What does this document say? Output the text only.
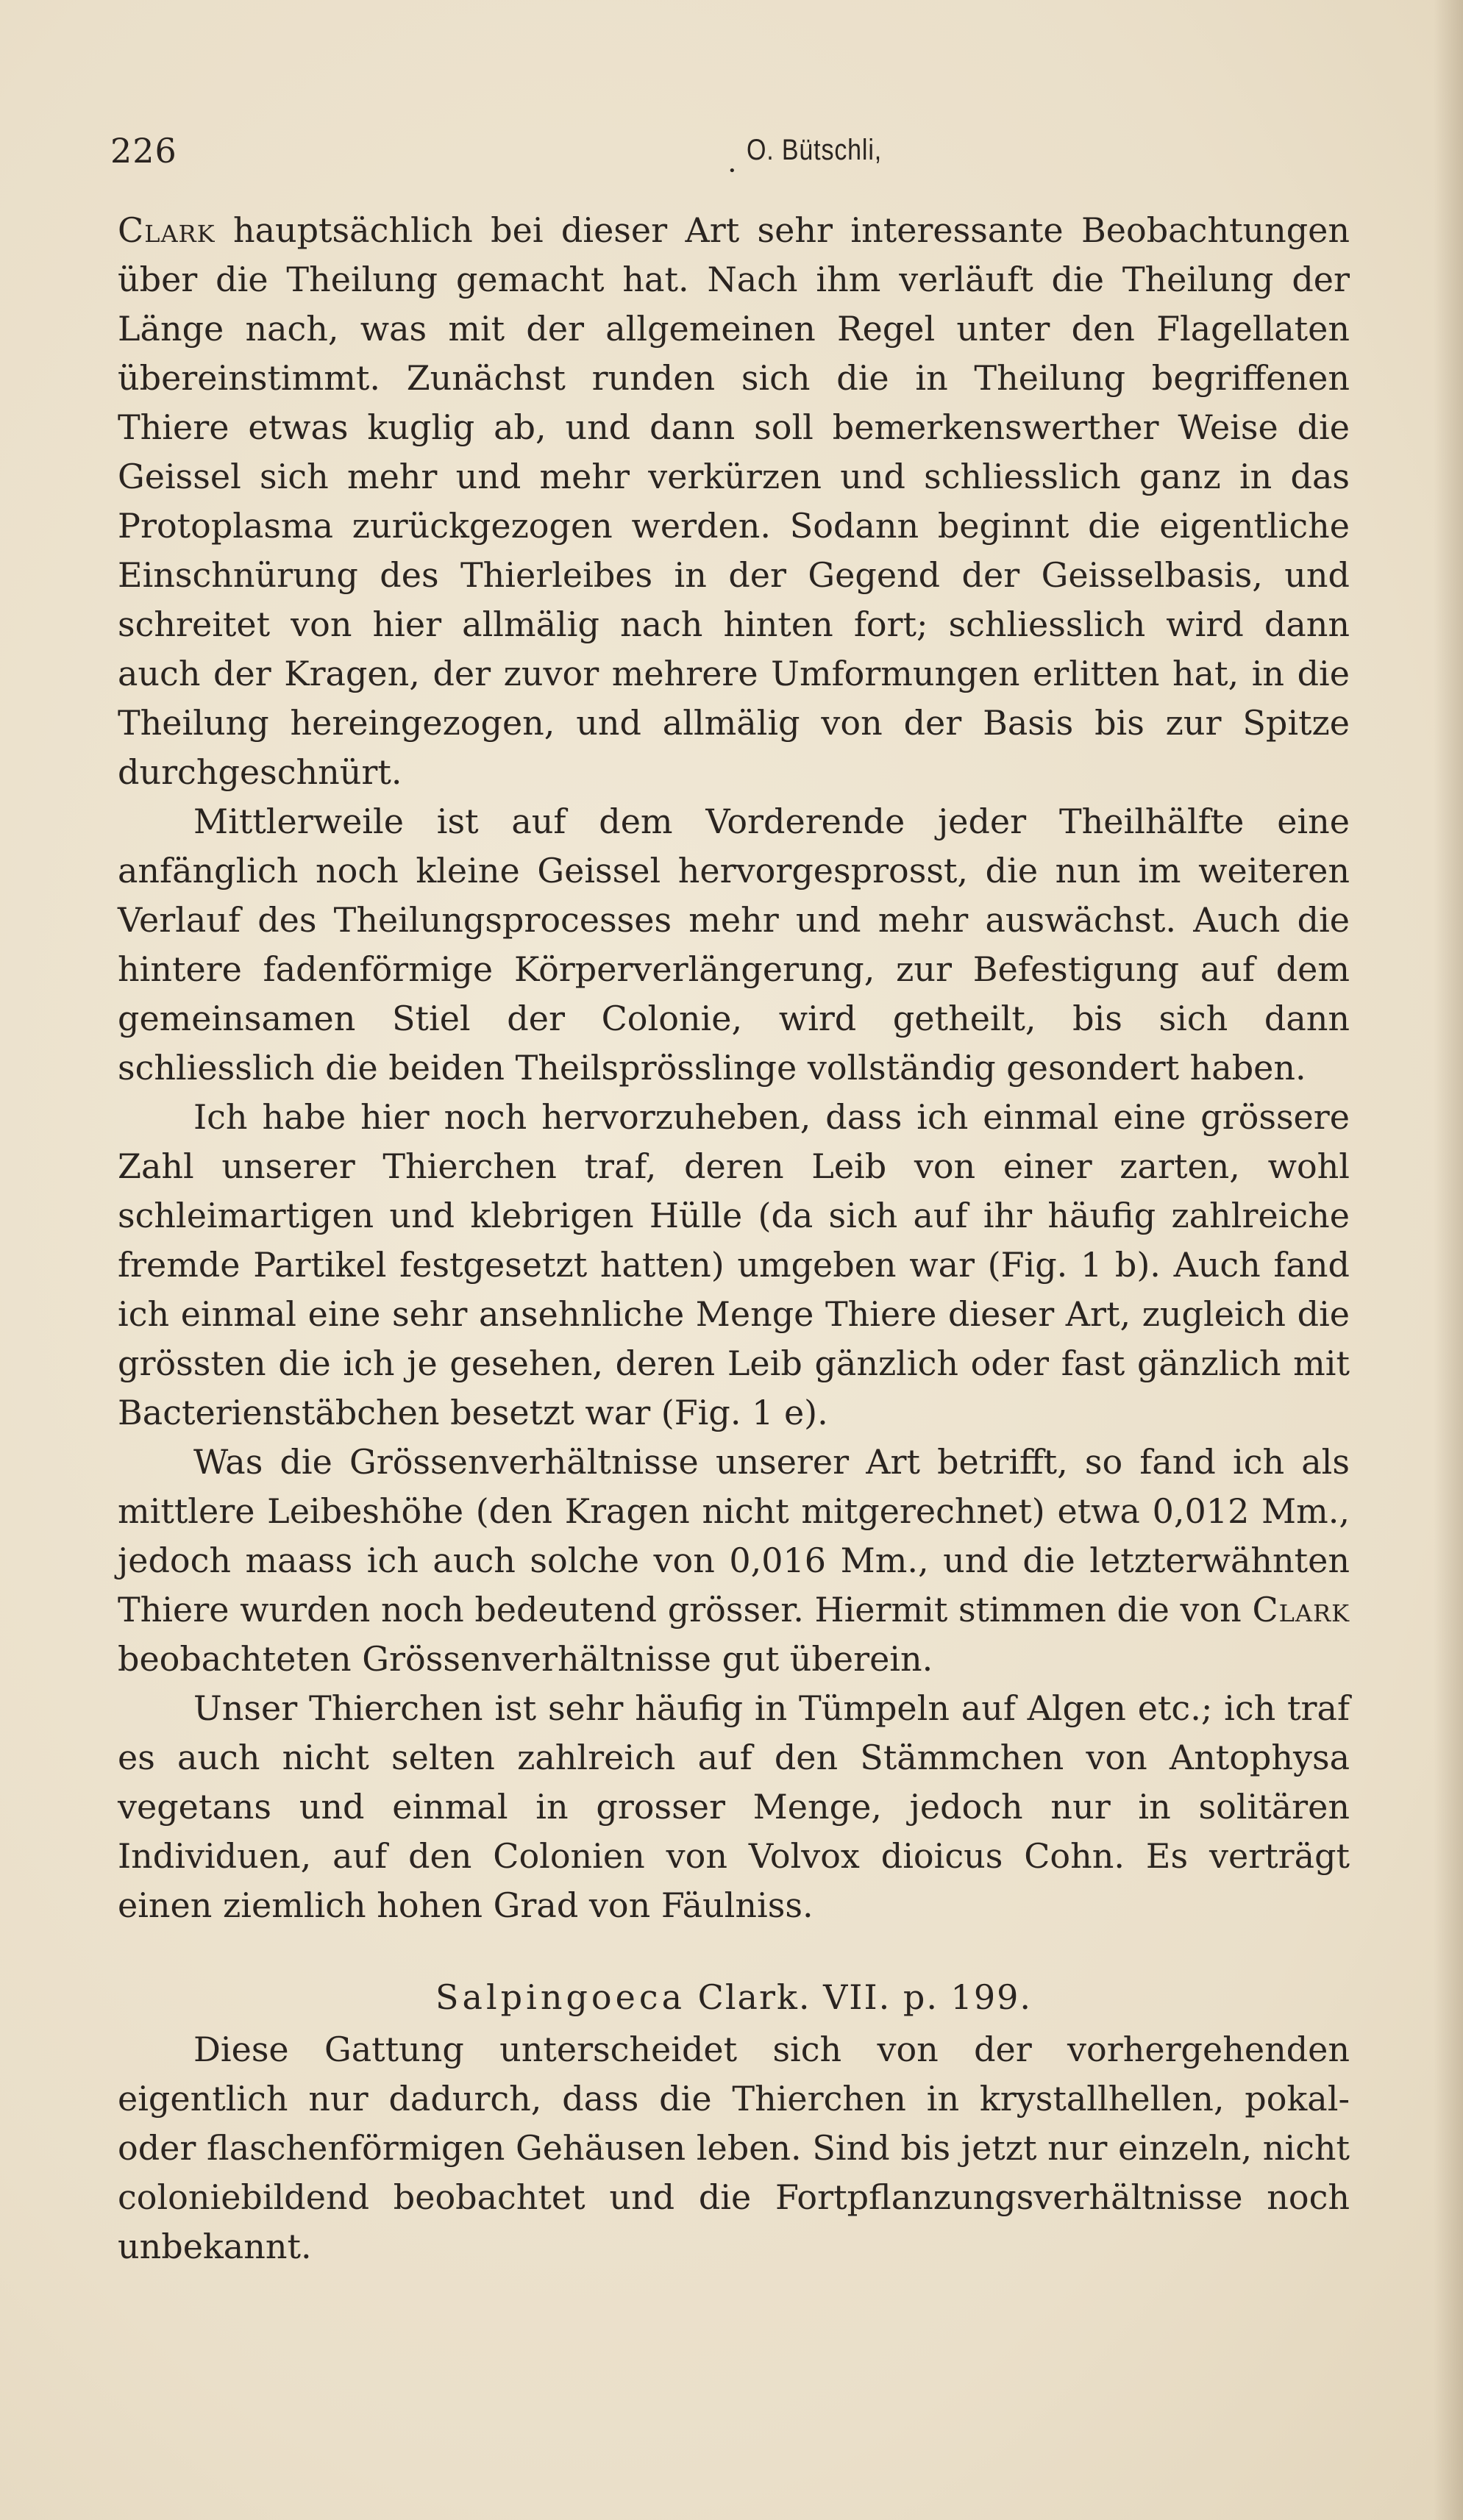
226
•
O. Bütschli,

Clark hauptsächlich bei dieser Art sehr interessante Beobachtungen über die Theilung gemacht hat. Nach ihm verläuft die Theilung der Länge nach, was mit der allgemeinen Regel unter den Flagellaten übereinstimmt. Zunächst runden sich die in Theilung begriffenen Thiere etwas kuglig ab, und dann soll bemerkenswerther Weise die Geissel sich mehr und mehr verkürzen und schliesslich ganz in das Protoplasma zurückgezogen werden. Sodann beginnt die eigentliche Einschnürung des Thierleibes in der Gegend der Geisselbasis, und schreitet von hier allmälig nach hinten fort; schliesslich wird dann auch der Kragen, der zuvor mehrere Umformungen erlitten hat, in die Theilung hereingezogen, und allmälig von der Basis bis zur Spitze durchgeschnürt.

Mittlerweile ist auf dem Vorderende jeder Theilhälfte eine anfänglich noch kleine Geissel hervorgesprosst, die nun im weiteren Verlauf des Theilungsprocesses mehr und mehr auswächst. Auch die hintere fadenförmige Körperverlängerung, zur Befestigung auf dem gemeinsamen Stiel der Colonie, wird getheilt, bis sich dann schliesslich die beiden Theilsprösslinge vollständig gesondert haben.

Ich habe hier noch hervorzuheben, dass ich einmal eine grössere Zahl unserer Thierchen traf, deren Leib von einer zarten, wohl schleimartigen und klebrigen Hülle (da sich auf ihr häufig zahlreiche fremde Partikel festgesetzt hatten) umgeben war (Fig. 1 b). Auch fand ich einmal eine sehr ansehnliche Menge Thiere dieser Art, zugleich die grössten die ich je gesehen, deren Leib gänzlich oder fast gänzlich mit Bacterienstäbchen besetzt war (Fig. 1 e).

Was die Grössenverhältnisse unserer Art betrifft, so fand ich als mittlere Leibeshöhe (den Kragen nicht mitgerechnet) etwa 0,012 Mm., jedoch maass ich auch solche von 0,016 Mm., und die letzterwähnten Thiere wurden noch bedeutend grösser. Hiermit stimmen die von Clark beobachteten Grössenverhältnisse gut überein.

Unser Thierchen ist sehr häufig in Tümpeln auf Algen etc.; ich traf es auch nicht selten zahlreich auf den Stämmchen von Antophysa vegetans und einmal in grosser Menge, jedoch nur in solitären Individuen, auf den Colonien von Volvox dioicus Cohn. Es verträgt einen ziemlich hohen Grad von Fäulniss.

Salpingoeca Clark. VII. p. 199.

Diese Gattung unterscheidet sich von der vorhergehenden eigentlich nur dadurch, dass die Thierchen in krystallhellen, pokal- oder flaschenförmigen Gehäusen leben. Sind bis jetzt nur einzeln, nicht coloniebildend beobachtet und die Fortpflanzungsverhältnisse noch unbekannt.
